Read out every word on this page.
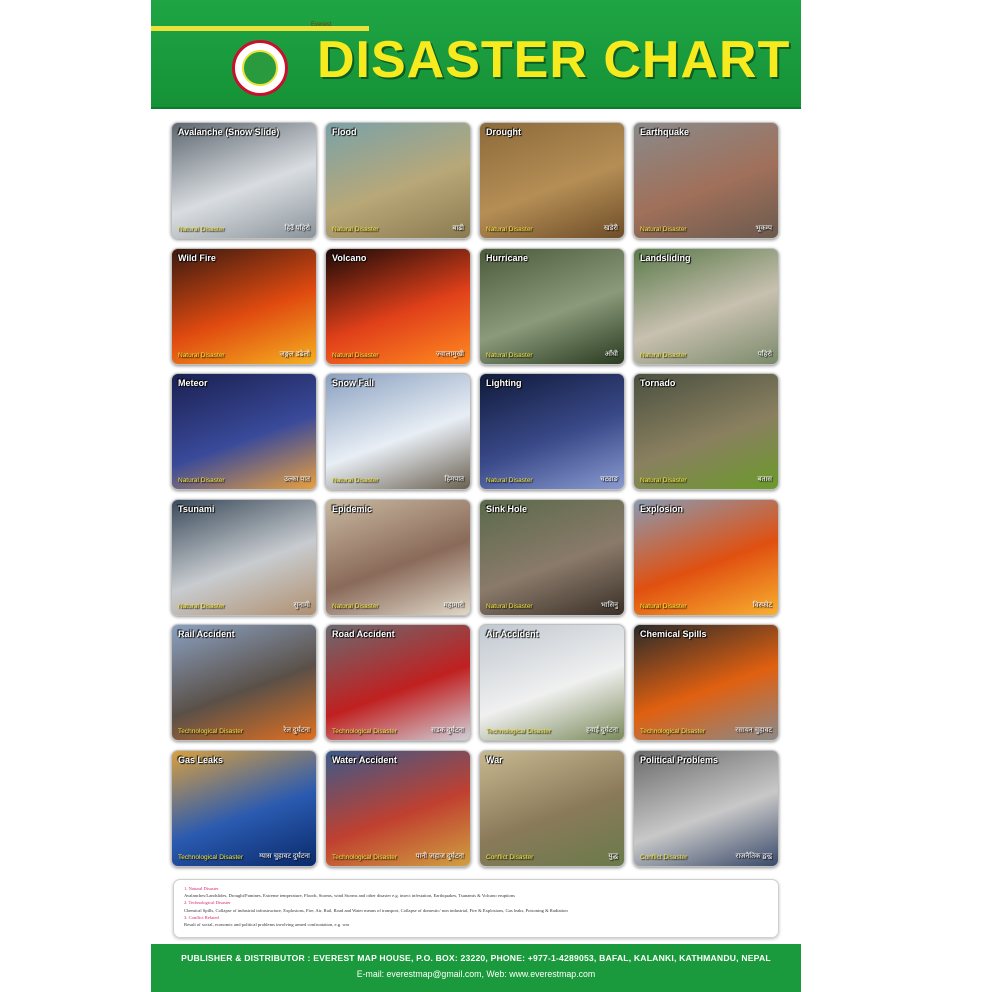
Everest
DISASTER CHART
Avalanche (Snow Slide)
Natural Disaster	हिउँ पहिरो
Flood
Natural Disaster	बाढी
Drought
Natural Disaster	खडेरी
Earthquake
Natural Disaster	भूकम्प
Wild Fire
Natural Disaster	जङ्गल डढेलो
Volcano
Natural Disaster	ज्वालामुखी
Hurricane
Natural Disaster	आँधी
Landsliding
Natural Disaster	पहिरो
Meteor
Natural Disaster	उल्का पात
Snow Fall
Natural Disaster	हिमपात
Lighting
Natural Disaster	चट्याङ
Tornado
Natural Disaster	बतास
Tsunami
Natural Disaster	सुनामी
Epidemic
Natural Disaster	महामारी
Sink Hole
Natural Disaster	भासिनु
Explosion
Natural Disaster	विस्फोट
Rail Accident
Technological Disaster	रेल दुर्घटना
Road Accident
Technological Disaster	सडक दुर्घटना
Air Accident
Technological Disaster	हवाई दुर्घटना
Chemical Spills
Technological Disaster	रसायन चुहावट
Gas Leaks
Technological Disaster ग्यास चुहावट दुर्घटना
Water Accident
Technological Disaster	पानी जहाज दुर्घटना
War
Conflict Disaster	युद्ध
Political Problems
Conflict Disaster	राजनैतिक द्वन्द्व
1. Natural Disaster
Avalanches/Landslides, Drought/Famines, Extreme temperature, Floods, Storms, wind Storms and other disaster e.g. insect infestation, Earthquakes, Tsunamis & Volcano eruptions
2. Technological Disaster
Chemical Spills, Collapse of industrial infrastructure, Explosions, Fire, Air, Rail, Road and Water means of transport, Collapse of domestic/ non industrial, Fire & Explosions, Gas leaks, Poisoning & Radiation
3. Conflict Related
Result of social, economic and political problems involving armed confrontation, e.g. war
PUBLISHER & DISTRIBUTOR : EVEREST MAP HOUSE, P.O. BOX: 23220, PHONE: +977-1-4289053, BAFAL, KALANKI, KATHMANDU, NEPAL
E-mail: everestmap@gmail.com, Web: www.everestmap.com
